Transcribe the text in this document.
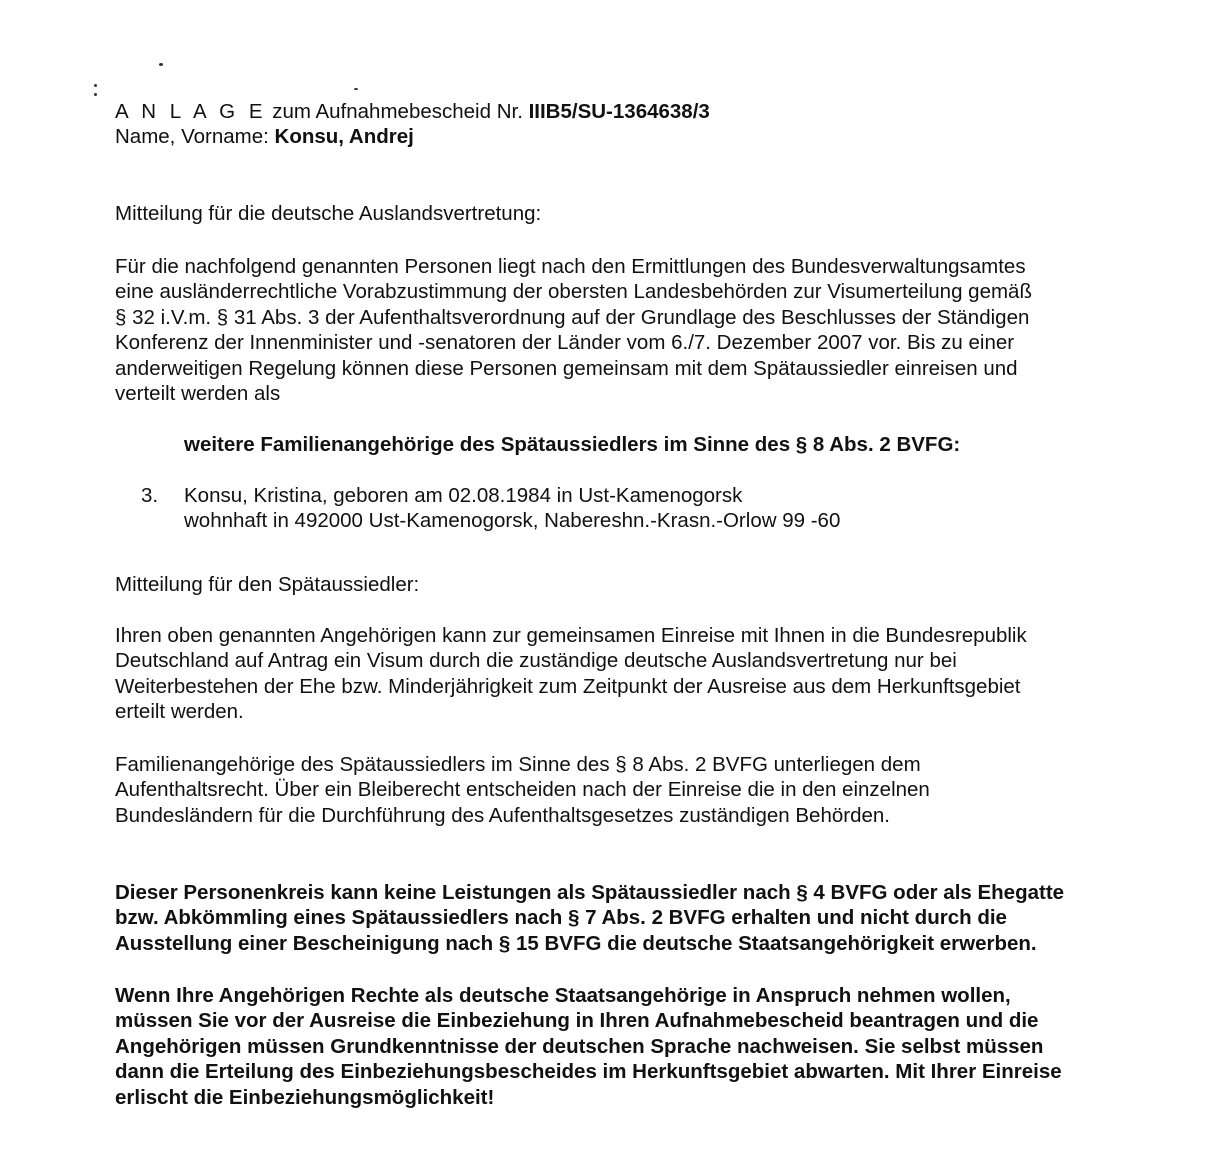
A N L A G E zum Aufnahmebescheid Nr. IIIB5/SU-1364638/3
Name, Vorname: Konsu, Andrej
Mitteilung für die deutsche Auslandsvertretung:
Für die nachfolgend genannten Personen liegt nach den Ermittlungen des Bundesverwaltungsamtes
eine ausländerrechtliche Vorabzustimmung der obersten Landesbehörden zur Visumerteilung gemäß
§ 32 i.V.m. § 31 Abs. 3 der Aufenthaltsverordnung auf der Grundlage des Beschlusses der Ständigen
Konferenz der Innenminister und -senatoren der Länder vom 6./7. Dezember 2007 vor. Bis zu einer
anderweitigen Regelung können diese Personen gemeinsam mit dem Spätaussiedler einreisen und
verteilt werden als
weitere Familienangehörige des Spätaussiedlers im Sinne des § 8 Abs. 2 BVFG:
3. Konsu, Kristina, geboren am 02.08.1984 in Ust-Kamenogorsk
wohnhaft in 492000 Ust-Kamenogorsk, Nabereshn.-Krasn.-Orlow 99 -60
Mitteilung für den Spätaussiedler:
Ihren oben genannten Angehörigen kann zur gemeinsamen Einreise mit Ihnen in die Bundesrepublik
Deutschland auf Antrag ein Visum durch die zuständige deutsche Auslandsvertretung nur bei
Weiterbestehen der Ehe bzw. Minderjährigkeit zum Zeitpunkt der Ausreise aus dem Herkunftsgebiet
erteilt werden.
Familienangehörige des Spätaussiedlers im Sinne des § 8 Abs. 2 BVFG unterliegen dem
Aufenthaltsrecht. Über ein Bleiberecht entscheiden nach der Einreise die in den einzelnen
Bundesländern für die Durchführung des Aufenthaltsgesetzes zuständigen Behörden.
Dieser Personenkreis kann keine Leistungen als Spätaussiedler nach § 4 BVFG oder als Ehegatte
bzw. Abkömmling eines Spätaussiedlers nach § 7 Abs. 2 BVFG erhalten und nicht durch die
Ausstellung einer Bescheinigung nach § 15 BVFG die deutsche Staatsangehörigkeit erwerben.
Wenn Ihre Angehörigen Rechte als deutsche Staatsangehörige in Anspruch nehmen wollen,
müssen Sie vor der Ausreise die Einbeziehung in Ihren Aufnahmebescheid beantragen und die
Angehörigen müssen Grundkenntnisse der deutschen Sprache nachweisen. Sie selbst müssen
dann die Erteilung des Einbeziehungsbescheides im Herkunftsgebiet abwarten. Mit Ihrer Einreise
erlischt die Einbeziehungsmöglichkeit!
